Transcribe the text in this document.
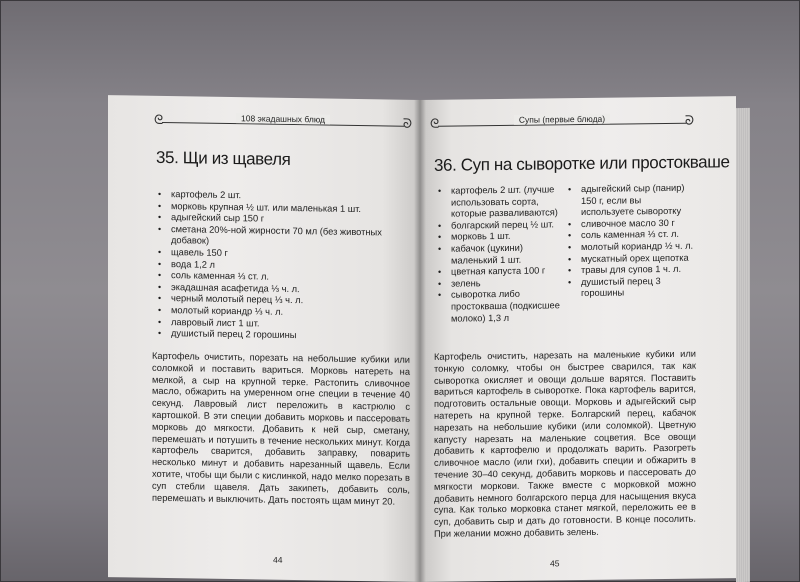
ᘓ	ᘐ
108 экадашных блюд
35. Щи из щавеля
• картофель 2 шт.
• морковь крупная ½ шт. или маленькая 1 шт.
• адыгейский сыр 150 г
• сметана 20%-ной жирности 70 мл (без животных добавок)
• щавель 150 г
• вода 1,2 л
• соль каменная ⅓ ст. л.
• экадашная асафетида ⅓ ч. л.
• черный молотый перец ⅓ ч. л.
• молотый кориандр ⅓ ч. л.
• лавровый лист 1 шт.
• душистый перец 2 горошины

Картофель очистить, порезать на небольшие кубики или соломкой и поставить вариться. Морковь натереть на мелкой, а сыр на крупной терке. Растопить сливочное масло, обжарить на умеренном огне специи в течение 40 секунд. Лавровый лист переложить в кастрюлю с картошкой. В эти специи добавить морковь и пассеровать морковь до мягкости. Добавить к ней сыр, сметану, перемешать и потушить в течение нескольких минут. Когда картофель сварится, добавить заправку, поварить несколько минут и добавить нарезанный щавель. Если хотите, чтобы щи были с кислинкой, надо мелко порезать в суп стебли щавеля. Дать закипеть, добавить соль, перемешать и выключить. Дать постоять щам минут 20.

44
ᘓ	ᘐ
Супы (первые блюда)
36. Суп на сыворотке или простокваше
• картофель 2 шт. (лучше использовать сорта, которые разваливаются)
• болгарский перец ½ шт.
• морковь 1 шт.
• кабачок (цукини) маленький 1 шт.
• цветная капуста 100 г
• зелень
• сыворотка либо простокваша (подкисшее молоко) 1,3 л
• адыгейский сыр (панир) 150 г, если вы используете сыворотку
• сливочное масло 30 г
• соль каменная ⅓ ст. л.
• молотый кориандр ½ ч. л.
• мускатный орех щепотка
• травы для супов 1 ч. л.
• душистый перец 3 горошины

Картофель очистить, нарезать на маленькие кубики или тонкую соломку, чтобы он быстрее сварился, так как сыворотка окисляет и овощи дольше варятся. Поставить вариться картофель в сыворотке. Пока картофель варится, подготовить остальные овощи. Морковь и адыгейский сыр натереть на крупной терке. Болгарский перец, кабачок нарезать на небольшие кубики (или соломкой). Цветную капусту нарезать на маленькие соцветия. Все овощи добавить к картофелю и продолжать варить. Разогреть сливочное масло (или гхи), добавить специи и обжарить в течение 30–40 секунд, добавить морковь и пассеровать до мягкости моркови. Также вместе с морковкой можно добавить немного болгарского перца для насыщения вкуса супа. Как только морковка станет мягкой, переложить ее в суп, добавить сыр и дать до готовности. В конце посолить. При желании можно добавить зелень.

45
